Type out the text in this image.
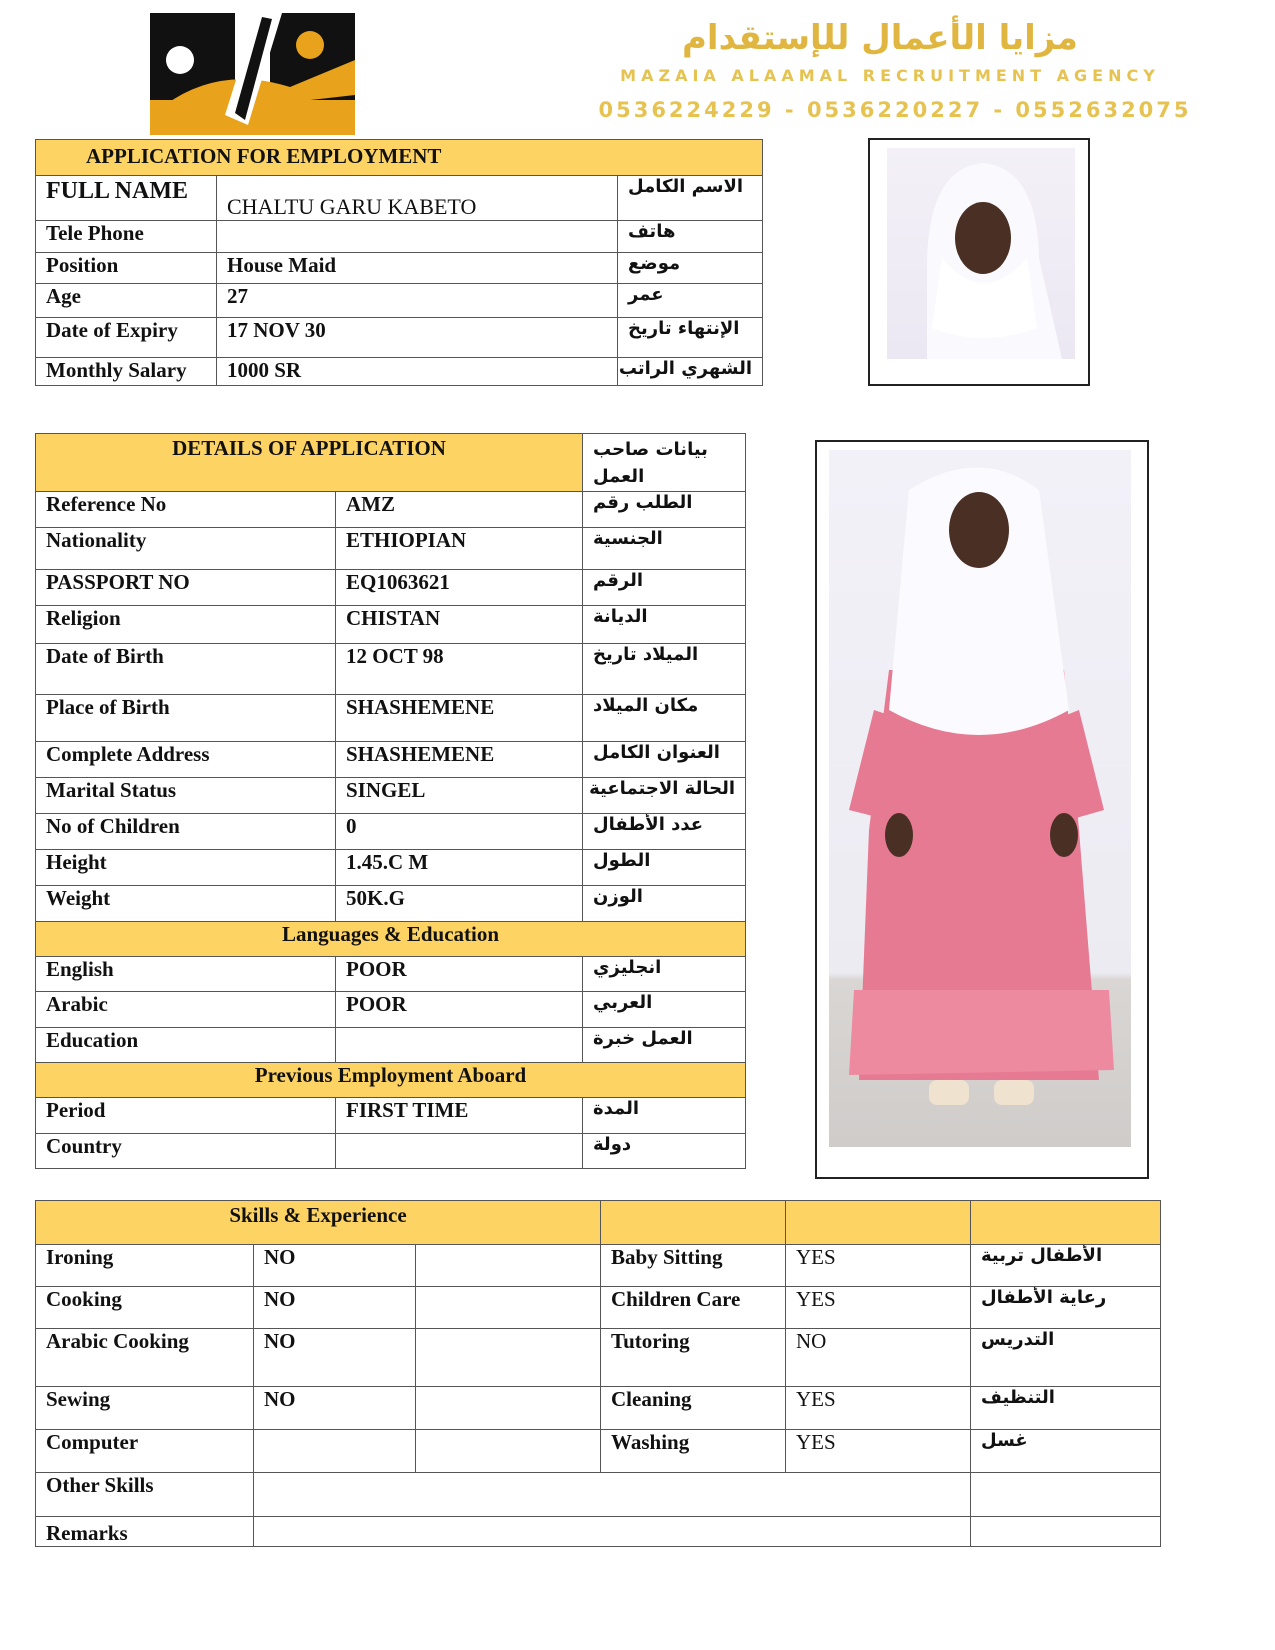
مزايا الأعمال للإستقدام
MAZAIA ALAAMAL RECRUITMENT AGENCY
0536224229 - 0536220227 - 0552632075
APPLICATION FOR EMPLOYMENT		
FULL NAME	CHALTU GARU KABETO	الاسم الكامل
Tele Phone		هاتف
Position	House Maid	موضع
Age	27	عمر
Date of Expiry	17 NOV 30	الإنتهاء تاريخ
Monthly Salary	1000 SR	الشهري الراتب
DETAILS OF APPLICATION		بيانات صاحب العمل
Reference No	AMZ	الطلب رقم
Nationality	ETHIOPIAN	الجنسية
PASSPORT NO	EQ1063621	الرقم
Religion	CHISTAN	الديانة
Date of Birth	12 OCT 98	الميلاد تاريخ
Place of Birth	SHASHEMENE	مكان الميلاد
Complete Address	SHASHEMENE	العنوان الكامل
Marital Status	SINGEL	الحالة الاجتماعية
No of Children	0	عدد الأطفال
Height	1.45.C M	الطول
Weight	50K.G	الوزن
Languages & Education		
English	POOR	انجليزي
Arabic	POOR	العربي
Education		العمل خبرة
Previous Employment Aboard		
Period	FIRST TIME	المدة
Country		دولة
Skills & Experience					
Ironing	NO		Baby Sitting	YES	الأطفال تربية
Cooking	NO		Children Care	YES	رعاية الأطفال
Arabic Cooking	NO		Tutoring	NO	التدريس
Sewing	NO		Cleaning	YES	التنظيف
Computer			Washing	YES	غسل
Other Skills					
Remarks					
